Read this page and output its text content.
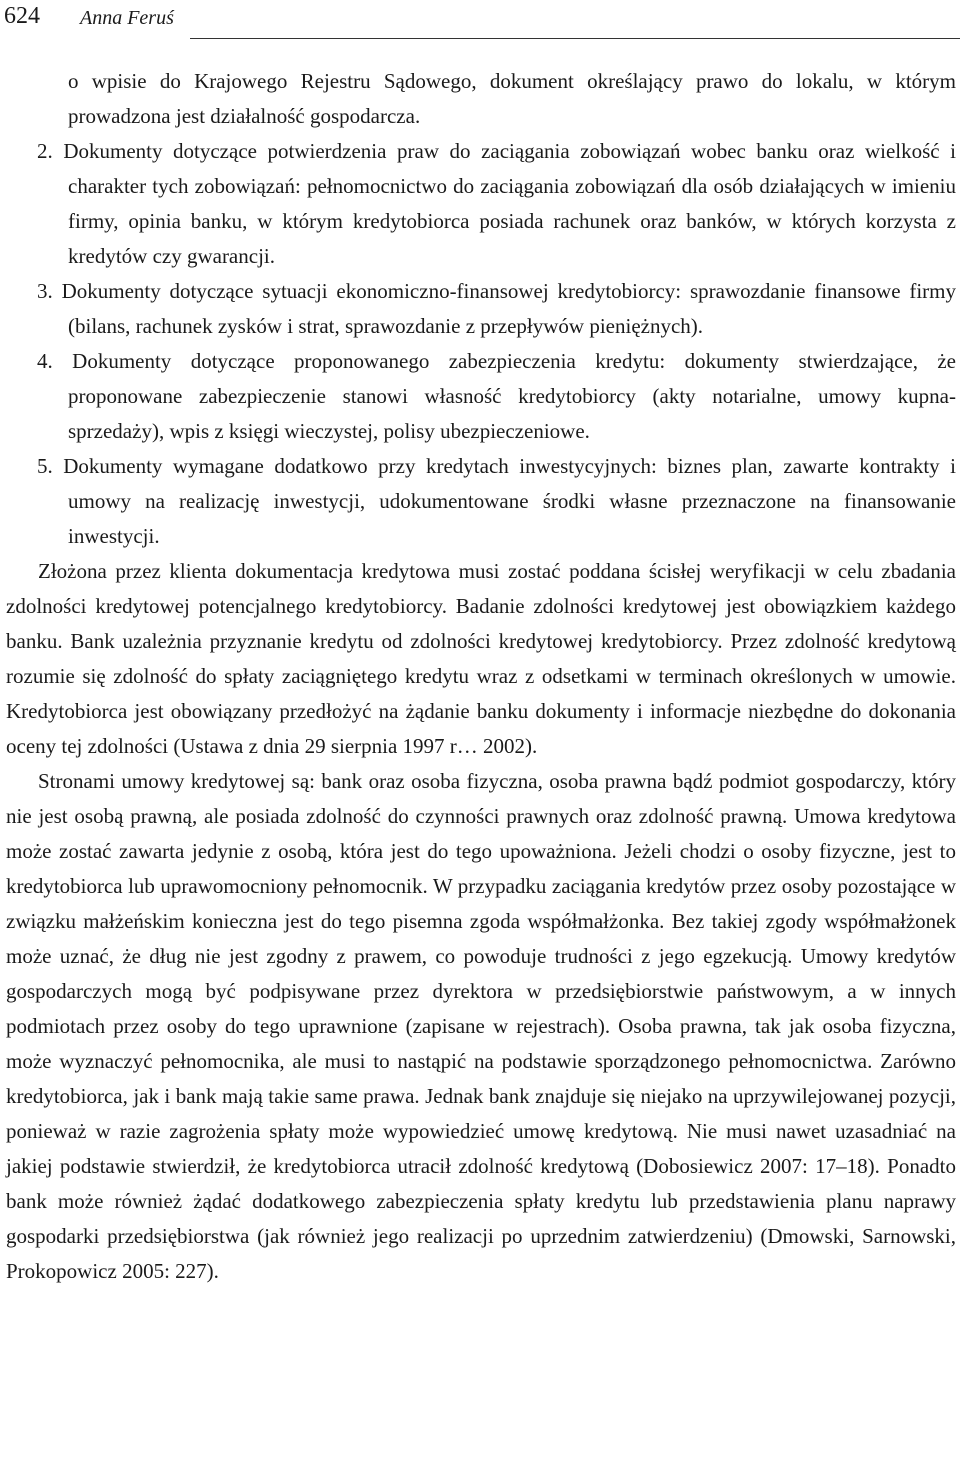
624 Anna Feruś

o wpisie do Krajowego Rejestru Sądowego, dokument określający prawo do lokalu, w którym prowadzona jest działalność gospodarcza.

2. Dokumenty dotyczące potwierdzenia praw do zaciągania zobowiązań wobec banku oraz wielkość i charakter tych zobowiązań: pełnomocnictwo do zaciągania zobowiązań dla osób działających w imieniu firmy, opinia banku, w którym kredytobiorca posiada rachunek oraz banków, w których korzysta z kredytów czy gwarancji.

3. Dokumenty dotyczące sytuacji ekonomiczno-finansowej kredytobiorcy: sprawozdanie finansowe firmy (bilans, rachunek zysków i strat, sprawozdanie z przepływów pieniężnych).

4. Dokumenty dotyczące proponowanego zabezpieczenia kredytu: dokumenty stwierdzające, że proponowane zabezpieczenie stanowi własność kredytobiorcy (akty notarialne, umowy kupna-sprzedaży), wpis z księgi wieczystej, polisy ubezpieczeniowe.

5. Dokumenty wymagane dodatkowo przy kredytach inwestycyjnych: biznes plan, zawarte kontrakty i umowy na realizację inwestycji, udokumentowane środki własne przeznaczone na finansowanie inwestycji.

Złożona przez klienta dokumentacja kredytowa musi zostać poddana ścisłej weryfikacji w celu zbadania zdolności kredytowej potencjalnego kredytobiorcy. Badanie zdolności kredytowej jest obowiązkiem każdego banku. Bank uzależnia przyznanie kredytu od zdolności kredytowej kredytobiorcy. Przez zdolność kredytową rozumie się zdolność do spłaty zaciągniętego kredytu wraz z odsetkami w terminach określonych w umowie. Kredytobiorca jest obowiązany przedłożyć na żądanie banku dokumenty i informacje niezbędne do dokonania oceny tej zdolności (Ustawa z dnia 29 sierpnia 1997 r… 2002).

Stronami umowy kredytowej są: bank oraz osoba fizyczna, osoba prawna bądź podmiot gospodarczy, który nie jest osobą prawną, ale posiada zdolność do czynności prawnych oraz zdolność prawną. Umowa kredytowa może zostać zawarta jedynie z osobą, która jest do tego upoważniona. Jeżeli chodzi o osoby fizyczne, jest to kredytobiorca lub uprawomocniony pełnomocnik. W przypadku zaciągania kredytów przez osoby pozostające w związku małżeńskim konieczna jest do tego pisemna zgoda współmałżonka. Bez takiej zgody współmałżonek może uznać, że dług nie jest zgodny z prawem, co powoduje trudności z jego egzekucją. Umowy kredytów gospodarczych mogą być podpisywane przez dyrektora w przedsiębiorstwie państwowym, a w innych podmiotach przez osoby do tego uprawnione (zapisane w rejestrach). Osoba prawna, tak jak osoba fizyczna, może wyznaczyć pełnomocnika, ale musi to nastąpić na podstawie sporządzonego pełnomocnictwa. Zarówno kredytobiorca, jak i bank mają takie same prawa. Jednak bank znajduje się niejako na uprzywilejowanej pozycji, ponieważ w razie zagrożenia spłaty może wypowiedzieć umowę kredytową. Nie musi nawet uzasadniać na jakiej podstawie stwierdził, że kredytobiorca utracił zdolność kredytową (Dobosiewicz 2007: 17–18). Ponadto bank może również żądać dodatkowego zabezpieczenia spłaty kredytu lub przedstawienia planu naprawy gospodarki przedsiębiorstwa (jak również jego realizacji po uprzednim zatwierdzeniu) (Dmowski, Sarnowski, Prokopowicz 2005: 227).
